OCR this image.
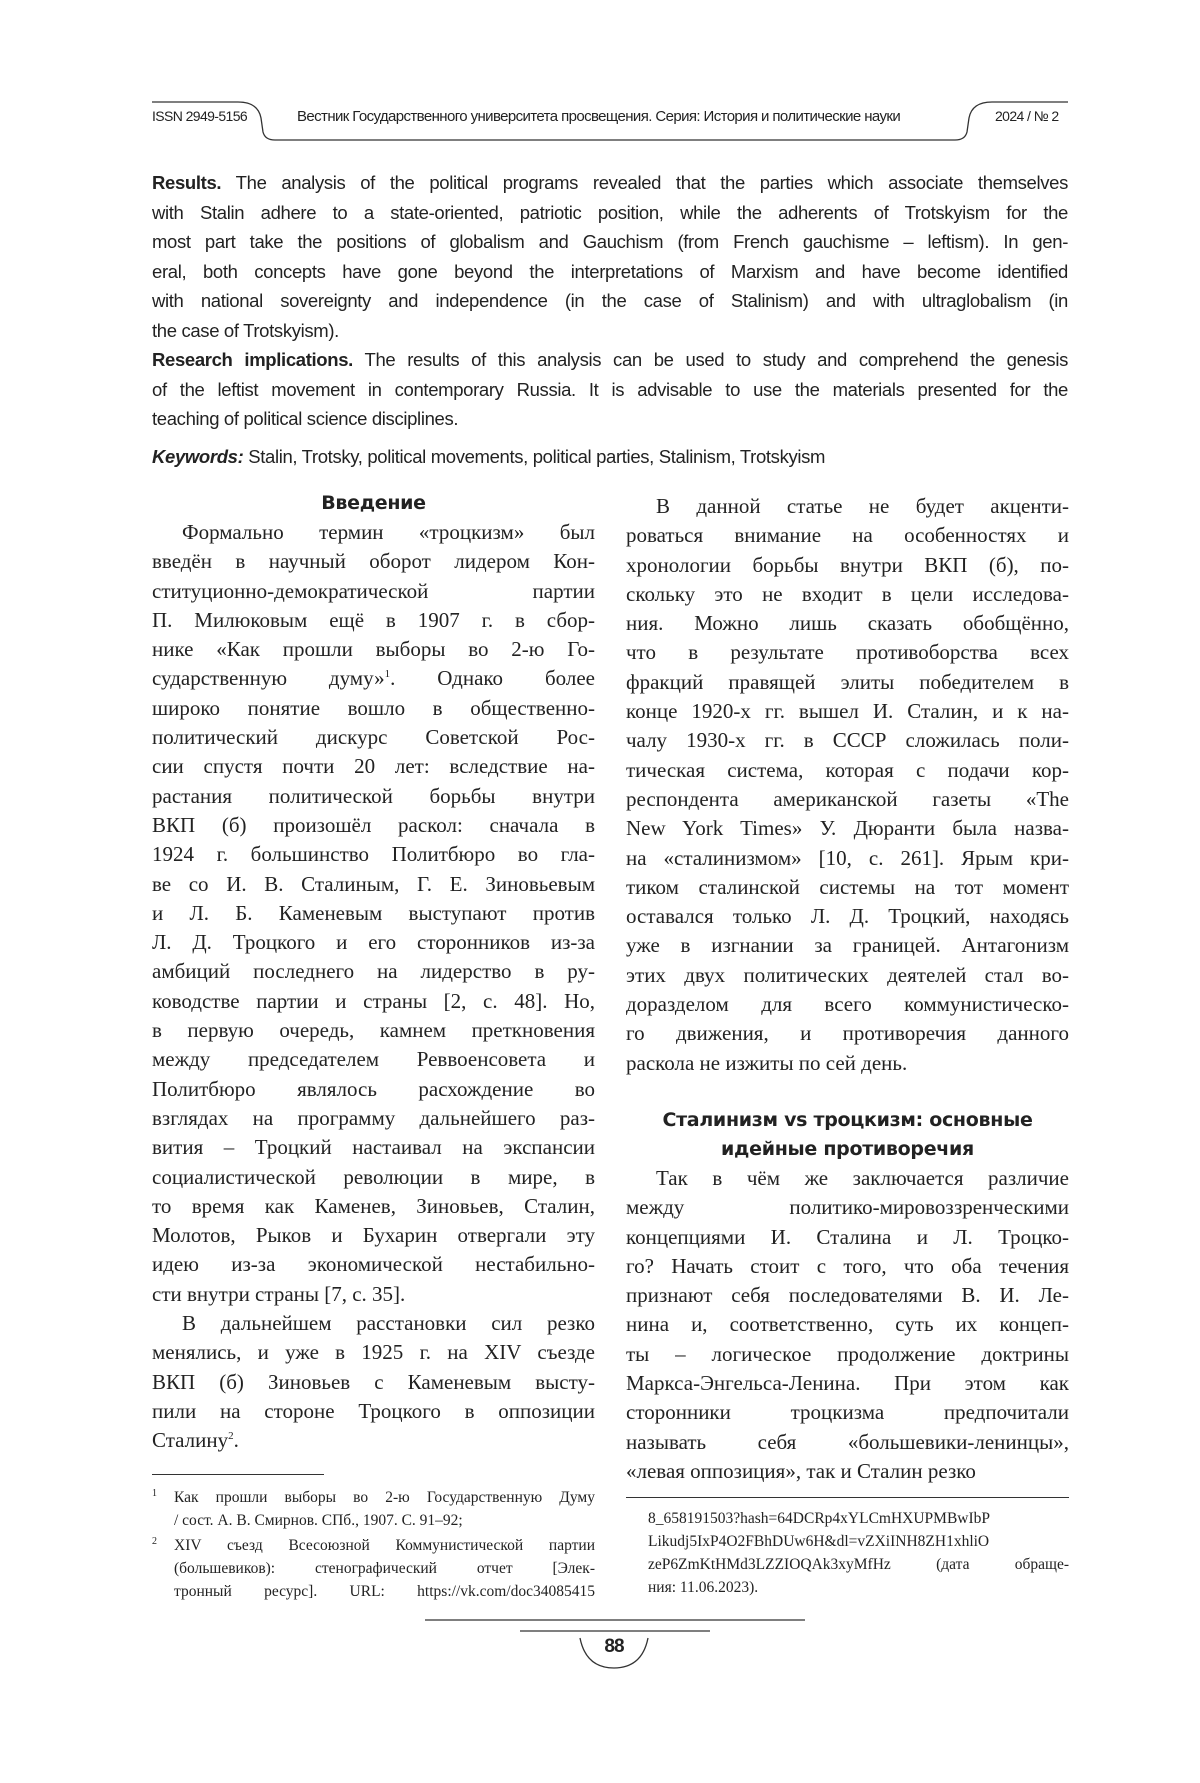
ISSN 2949-5156	Вестник Государственного университета просвещения. Серия: История и политические науки	2024 / № 2
Results. The analysis of the political programs revealed that the parties which associate themselves
with Stalin adhere to a state-oriented, patriotic position, while the adherents of Trotskyism for the
most part take the positions of globalism and Gauchism (from French gauchisme – leftism). In gen-
eral, both concepts have gone beyond the interpretations of Marxism and have become identified
with national sovereignty and independence (in the case of Stalinism) and with ultraglobalism (in
the case of Trotskyism).
Research implications. The results of this analysis can be used to study and comprehend the genesis
of the leftist movement in contemporary Russia. It is advisable to use the materials presented for the
teaching of political science disciplines.
Keywords: Stalin, Trotsky, political movements, political parties, Stalinism, Trotskyism
Введение
Формально термин «троцкизм» был
введён в научный оборот лидером Кон-
ституционно-демократической партии
П. Милюковым ещё в 1907 г. в сбор-
нике «Как прошли выборы во 2-ю Го-
сударственную думу»1. Однако более
широко понятие вошло в общественно-
политический дискурс Советской Рос-
сии спустя почти 20 лет: вследствие на-
растания политической борьбы внутри
ВКП (б) произошёл раскол: сначала в
1924 г. большинство Политбюро во гла-
ве со И. В. Сталиным, Г. Е. Зиновьевым
и Л. Б. Каменевым выступают против
Л. Д. Троцкого и его сторонников из-за
амбиций последнего на лидерство в ру-
ководстве партии и страны [2, с. 48]. Но,
в первую очередь, камнем преткновения
между председателем Реввоенсовета и
Политбюро являлось расхождение во
взглядах на программу дальнейшего раз-
вития – Троцкий настаивал на экспансии
социалистической революции в мире, в
то время как Каменев, Зиновьев, Сталин,
Молотов, Рыков и Бухарин отвергали эту
идею из-за экономической нестабильно-
сти внутри страны [7, с. 35].
В дальнейшем расстановки сил резко
менялись, и уже в 1925 г. на XIV съезде
ВКП (б) Зиновьев с Каменевым высту-
пили на стороне Троцкого в оппозиции
Сталину2.
1 Как прошли выборы во 2-ю Государственную Думу
/ сост. А. В. Смирнов. СПб., 1907. С. 91–92;
2 XIV съезд Всесоюзной Коммунистической партии
(большевиков): стенографический отчет [Элек-
тронный ресурс]. URL: https://vk.com/doc34085415
В данной статье не будет акценти-
роваться внимание на особенностях и
хронологии борьбы внутри ВКП (б), по-
скольку это не входит в цели исследова-
ния. Можно лишь сказать обобщённо,
что в результате противоборства всех
фракций правящей элиты победителем в
конце 1920-х гг. вышел И. Сталин, и к на-
чалу 1930-х гг. в СССР сложилась поли-
тическая система, которая с подачи кор-
респондента американской газеты «The
New York Times» У. Дюранти была назва-
на «сталинизмом» [10, с. 261]. Ярым кри-
тиком сталинской системы на тот момент
оставался только Л. Д. Троцкий, находясь
уже в изгнании за границей. Антагонизм
этих двух политических деятелей стал во-
доразделом для всего коммунистическо-
го движения, и противоречия данного
раскола не изжиты по сей день.
Сталинизм vs троцкизм: основные
идейные противоречия
Так в чём же заключается различие
между политико-мировоззренческими
концепциями И. Сталина и Л. Троцко-
го? Начать стоит с того, что оба течения
признают себя последователями В. И. Ле-
нина и, соответственно, суть их концеп-
ты – логическое продолжение доктрины
Маркса-Энгельса-Ленина. При этом как
сторонники троцкизма предпочитали
называть себя «большевики-ленинцы»,
«левая оппозиция», так и Сталин резко
8_658191503?hash=64DCRp4xYLCmHXUPMBwIbP
Likudj5IxP4O2FBhDUw6H&dl=vZXiINH8ZH1xhliO
zeP6ZmKtHMd3LZZIOQAk3xyMfHz (дата обраще-
ния: 11.06.2023).
88
